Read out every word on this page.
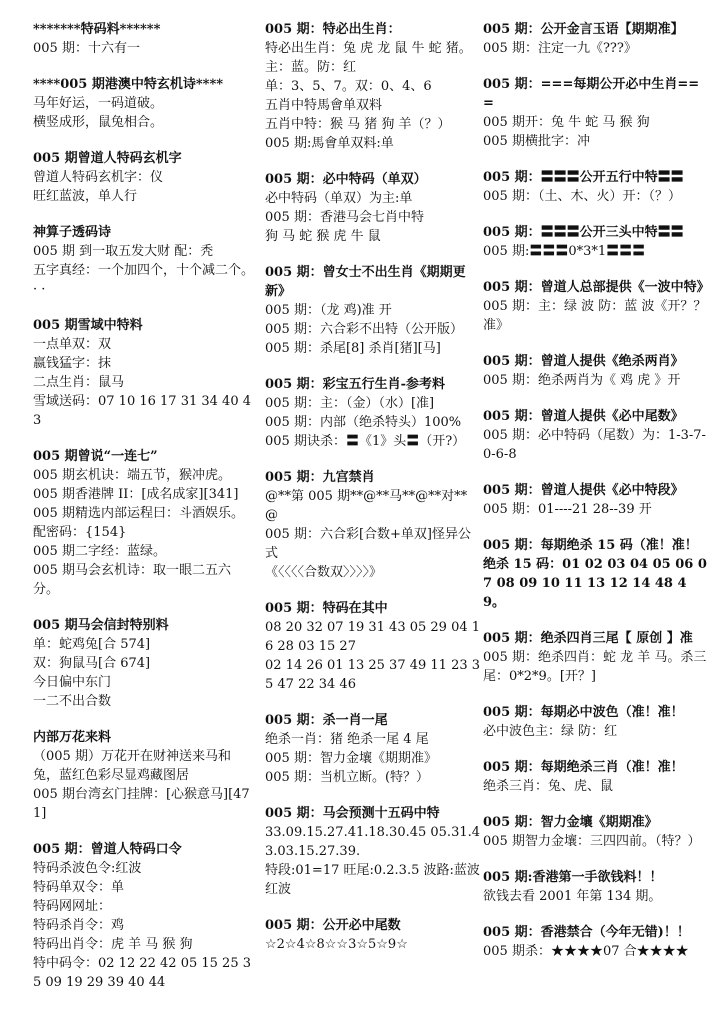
*******特码料******
005 期：十六有一
****005 期港澳中特玄机诗****
马年好运，一码道破。
横竖成形，鼠兔相合。
005 期曾道人特码玄机字
曾道人特码玄机字：仪
旺红蓝波，单人行
神算子透码诗
005 期 到一取五发大财 配：秃
五字真经：一个加四个，十个减二个。
· ·
005 期雪域中特料
一点单双：双
嬴钱猛字：抹
二点生肖：鼠马
雪域送码：07 10 16 17 31 34 40 43
005 期曾说“一连七”
005 期玄机诀：端五节，猴冲虎。
005 期香港牌 II：[成名成家][341]
005 期精选内部运程曰：斗酒娱乐。
配密码：{154}
005 期二字经：蓝绿。
005 期马会玄机诗：取一眼二五六分。
005 期马会信封特别料
单：蛇鸡兔[合 574]
双：狗鼠马[合 674]
今日偏中东门
一二不出合数
内部万花来料
（005 期）万花开在财神送来马和兔，蓝红色彩尽显鸡藏图居
005 期台湾玄门挂牌：[心猴意马][471]
005 期：曾道人特码口令
特码杀波色令:红波
特码单双令：单
特码网网址：
特码杀肖令：鸡
特码出肖令：虎 羊 马 猴 狗
特中码令：02 12 22 42 05 15 25 35 09 19 29 39 40 44
005 期：特必出生肖：
特必出生肖：兔 虎 龙 鼠 牛 蛇 猪。
主：蓝。防：红
单：3、5、7。双：0、4、6
五肖中特馬會单双料
五肖中特：猴 马 猪 狗 羊（？）
005 期:馬會单双料:单
005 期：必中特码（单双）
必中特码（单双）为主:单
005 期：香港马会七肖中特
狗 马 蛇 猴 虎 牛 鼠
005 期：曾女士不出生肖《期期更新》
005 期：（龙 鸡)准 开
005 期：六合彩不出特（公开版）
005 期：杀尾[8] 杀肖[猪][马]
005 期：彩宝五行生肖-参考料
005 期：主：（金）（水）[准]
005 期：内部（绝杀特头）100%
005 期诀杀：〓《1》头〓（开?）
005 期：九宫禁肖
@**第 005 期**@**马**@**对**@
005 期：六合彩[合数+单双]怪异公式
《〈〈〈〈合数双〉〉〉〉》
005 期：特码在其中
08 20 32 07 19 31 43 05 29 04 16 28 03 15 27
02 14 26 01 13 25 37 49 11 23 35 47 22 34 46
005 期：杀一肖一尾
绝杀一肖：猪 绝杀一尾 4 尾
005 期：智力金壤《期期准》
005 期：当机立断。(特？）
005 期：马会预测十五码中特
33.09.15.27.41.18.30.45 05.31.43.03.15.27.39.
特段:01=17 旺尾:0.2.3.5 波路:蓝波红波
005 期：公开必中尾数
☆2☆4☆8☆☆3☆5☆9☆
005 期：公开金言玉语【期期准】
005 期：注定一九《???》
005 期：===每期公开必中生肖===
005 期开：兔 牛 蛇 马 猴 狗
005 期横批字：冲
005 期：〓〓〓公开五行中特〓〓
005 期：（土、木、火）开：（？）
005 期：〓〓〓公开三头中特〓〓
005 期:〓〓〓0*3*1〓〓〓
005 期：曾道人总部提供《一波中特》
005 期：主：绿 波 防：蓝 波《开？？准》
005 期：曾道人提供《绝杀两肖》
005 期：绝杀两肖为《 鸡 虎 》开
005 期：曾道人提供《必中尾数》
005 期：必中特码（尾数）为：1-3-7-0-6-8
005 期：曾道人提供《必中特段》
005 期：01----21 28--39 开
005 期：每期绝杀 15 码（准！准！绝杀 15 码：01 02 03 04 05 06 07 08 09 10 11 13 12 14 48 49。
005 期：绝杀四肖三尾【 原创 】准
005 期：绝杀四肖：蛇 龙 羊 马。杀三尾：0*2*9。[开？]
005 期：每期必中波色（准！准！
必中波色主：绿 防：红
005 期：每期绝杀三肖（准！准！
绝杀三肖：兔、虎、鼠
005 期：智力金壤《期期准》
005 期智力金壤：三四四前。（特？）
005 期:香港第一手欲钱料！！
欲钱去看 2001 年第 134 期。
005 期：香港禁合（今年无错)！！
005 期杀：★★★★07 合★★★★
